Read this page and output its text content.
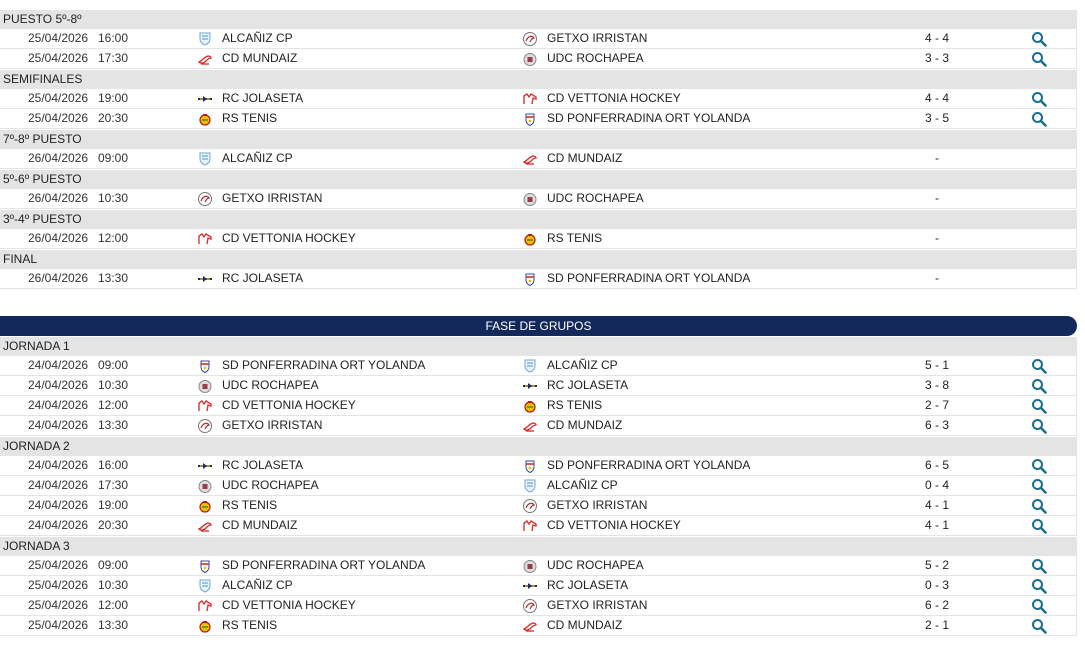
PUESTO 5º-8º
25/04/2026 16:00	ALCAÑIZ CP	GETXO IRRISTAN	4 - 4
25/04/2026 17:30	CD MUNDAIZ	UDC ROCHAPEA	3 - 3
SEMIFINALES
25/04/2026 19:00	RC JOLASETA	CD VETTONIA HOCKEY	4 - 4
25/04/2026 20:30	RS TENIS	SD PONFERRADINA ORT YOLANDA	3 - 5
7º-8º PUESTO
26/04/2026 09:00	ALCAÑIZ CP	CD MUNDAIZ	-
5º-6º PUESTO
26/04/2026 10:30	GETXO IRRISTAN	UDC ROCHAPEA	-
3º-4º PUESTO
26/04/2026 12:00	CD VETTONIA HOCKEY	RS TENIS	-
FINAL
26/04/2026 13:30	RC JOLASETA	SD PONFERRADINA ORT YOLANDA	-
FASE DE GRUPOS
JORNADA 1
24/04/2026 09:00	SD PONFERRADINA ORT YOLANDA	ALCAÑIZ CP	5 - 1
24/04/2026 10:30	UDC ROCHAPEA	RC JOLASETA	3 - 8
24/04/2026 12:00	CD VETTONIA HOCKEY	RS TENIS	2 - 7
24/04/2026 13:30	GETXO IRRISTAN	CD MUNDAIZ	6 - 3
JORNADA 2
24/04/2026 16:00	RC JOLASETA	SD PONFERRADINA ORT YOLANDA	6 - 5
24/04/2026 17:30	UDC ROCHAPEA	ALCAÑIZ CP	0 - 4
24/04/2026 19:00	RS TENIS	GETXO IRRISTAN	4 - 1
24/04/2026 20:30	CD MUNDAIZ	CD VETTONIA HOCKEY	4 - 1
JORNADA 3
25/04/2026 09:00	SD PONFERRADINA ORT YOLANDA	UDC ROCHAPEA	5 - 2
25/04/2026 10:30	ALCAÑIZ CP	RC JOLASETA	0 - 3
25/04/2026 12:00	CD VETTONIA HOCKEY	GETXO IRRISTAN	6 - 2
25/04/2026 13:30	RS TENIS	CD MUNDAIZ	2 - 1
